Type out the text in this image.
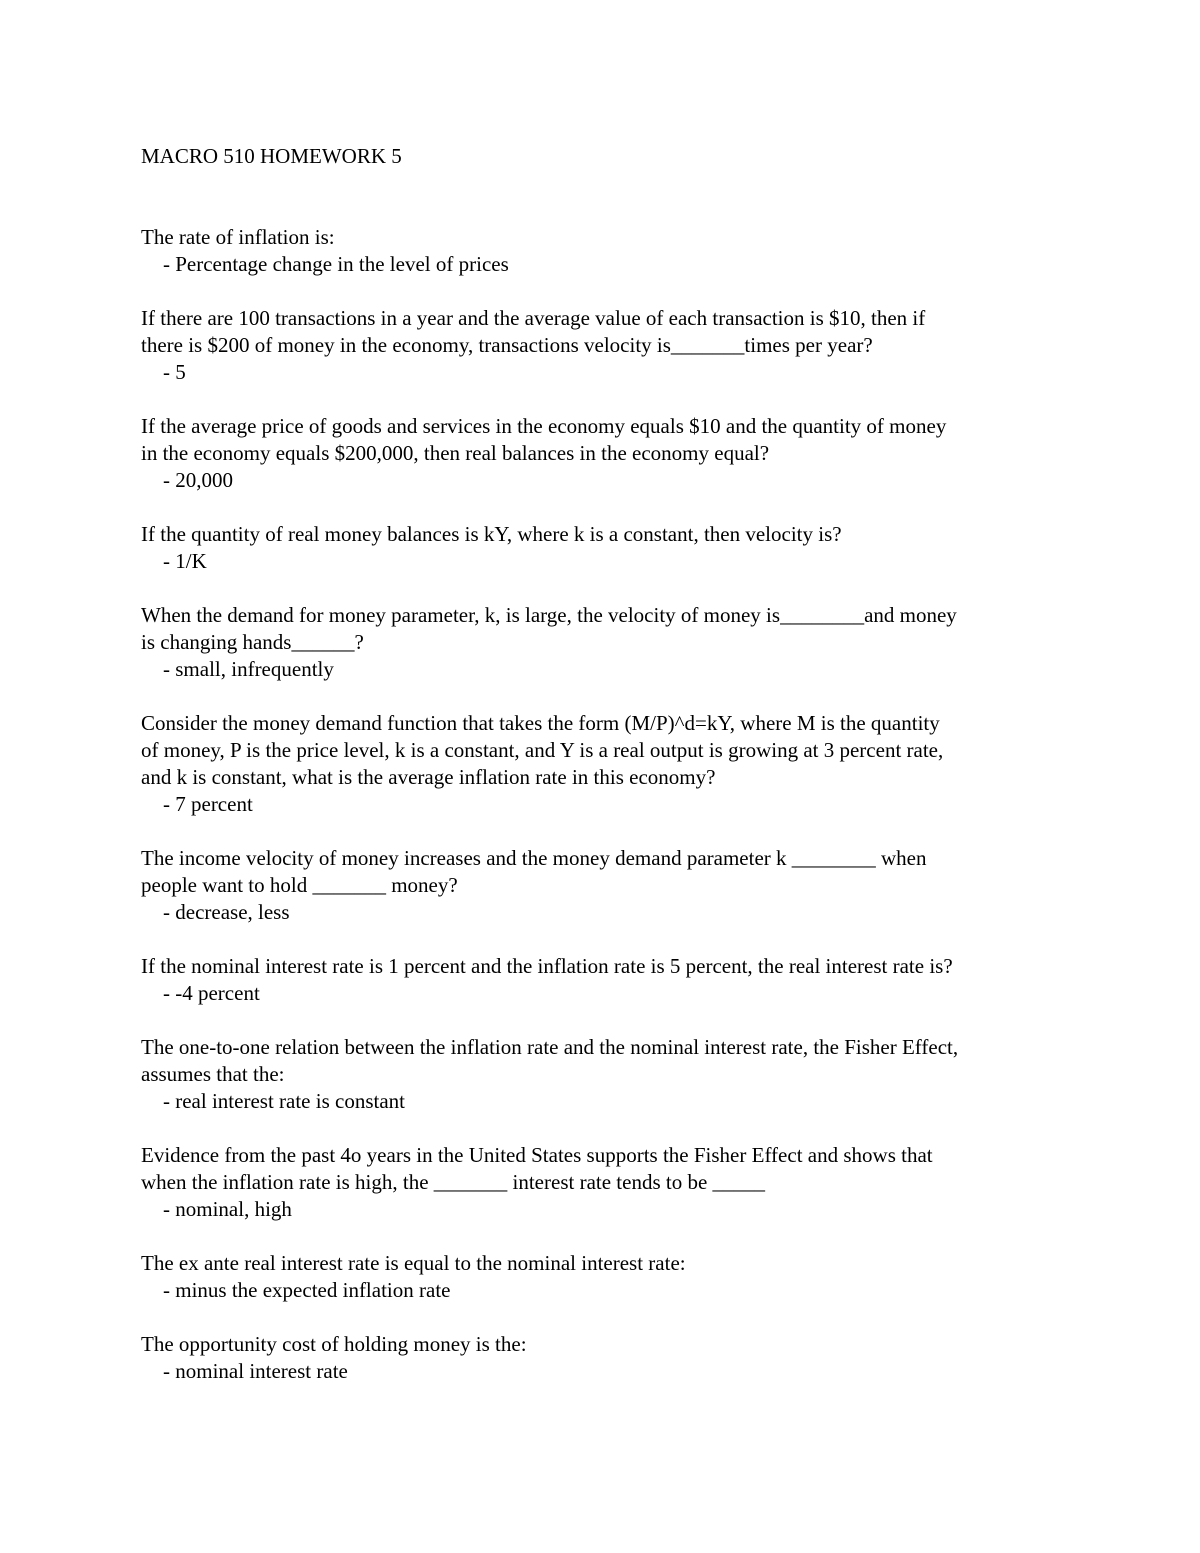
MACRO 510 HOMEWORK 5

The rate of inflation is:

- Percentage change in the level of prices

If there are 100 transactions in a year and the average value of each transaction is $10, then if
there is $200 of money in the economy, transactions velocity is_______times per year?

- 5

If the average price of goods and services in the economy equals $10 and the quantity of money
in the economy equals $200,000, then real balances in the economy equal?

- 20,000

If the quantity of real money balances is kY, where k is a constant, then velocity is?

- 1/K

When the demand for money parameter, k, is large, the velocity of money is________and money
is changing hands______?

- small, infrequently

Consider the money demand function that takes the form (M/P)^d=kY, where M is the quantity
of money, P is the price level, k is a constant, and Y is a real output is growing at 3 percent rate,
and k is constant, what is the average inflation rate in this economy?

- 7 percent

The income velocity of money increases and the money demand parameter k ________ when
people want to hold _______ money?

- decrease, less

If the nominal interest rate is 1 percent and the inflation rate is 5 percent, the real interest rate is?

- -4 percent

The one-to-one relation between the inflation rate and the nominal interest rate, the Fisher Effect,
assumes that the:

- real interest rate is constant

Evidence from the past 4o years in the United States supports the Fisher Effect and shows that
when the inflation rate is high, the _______ interest rate tends to be _____

- nominal, high

The ex ante real interest rate is equal to the nominal interest rate:

- minus the expected inflation rate

The opportunity cost of holding money is the:

- nominal interest rate
